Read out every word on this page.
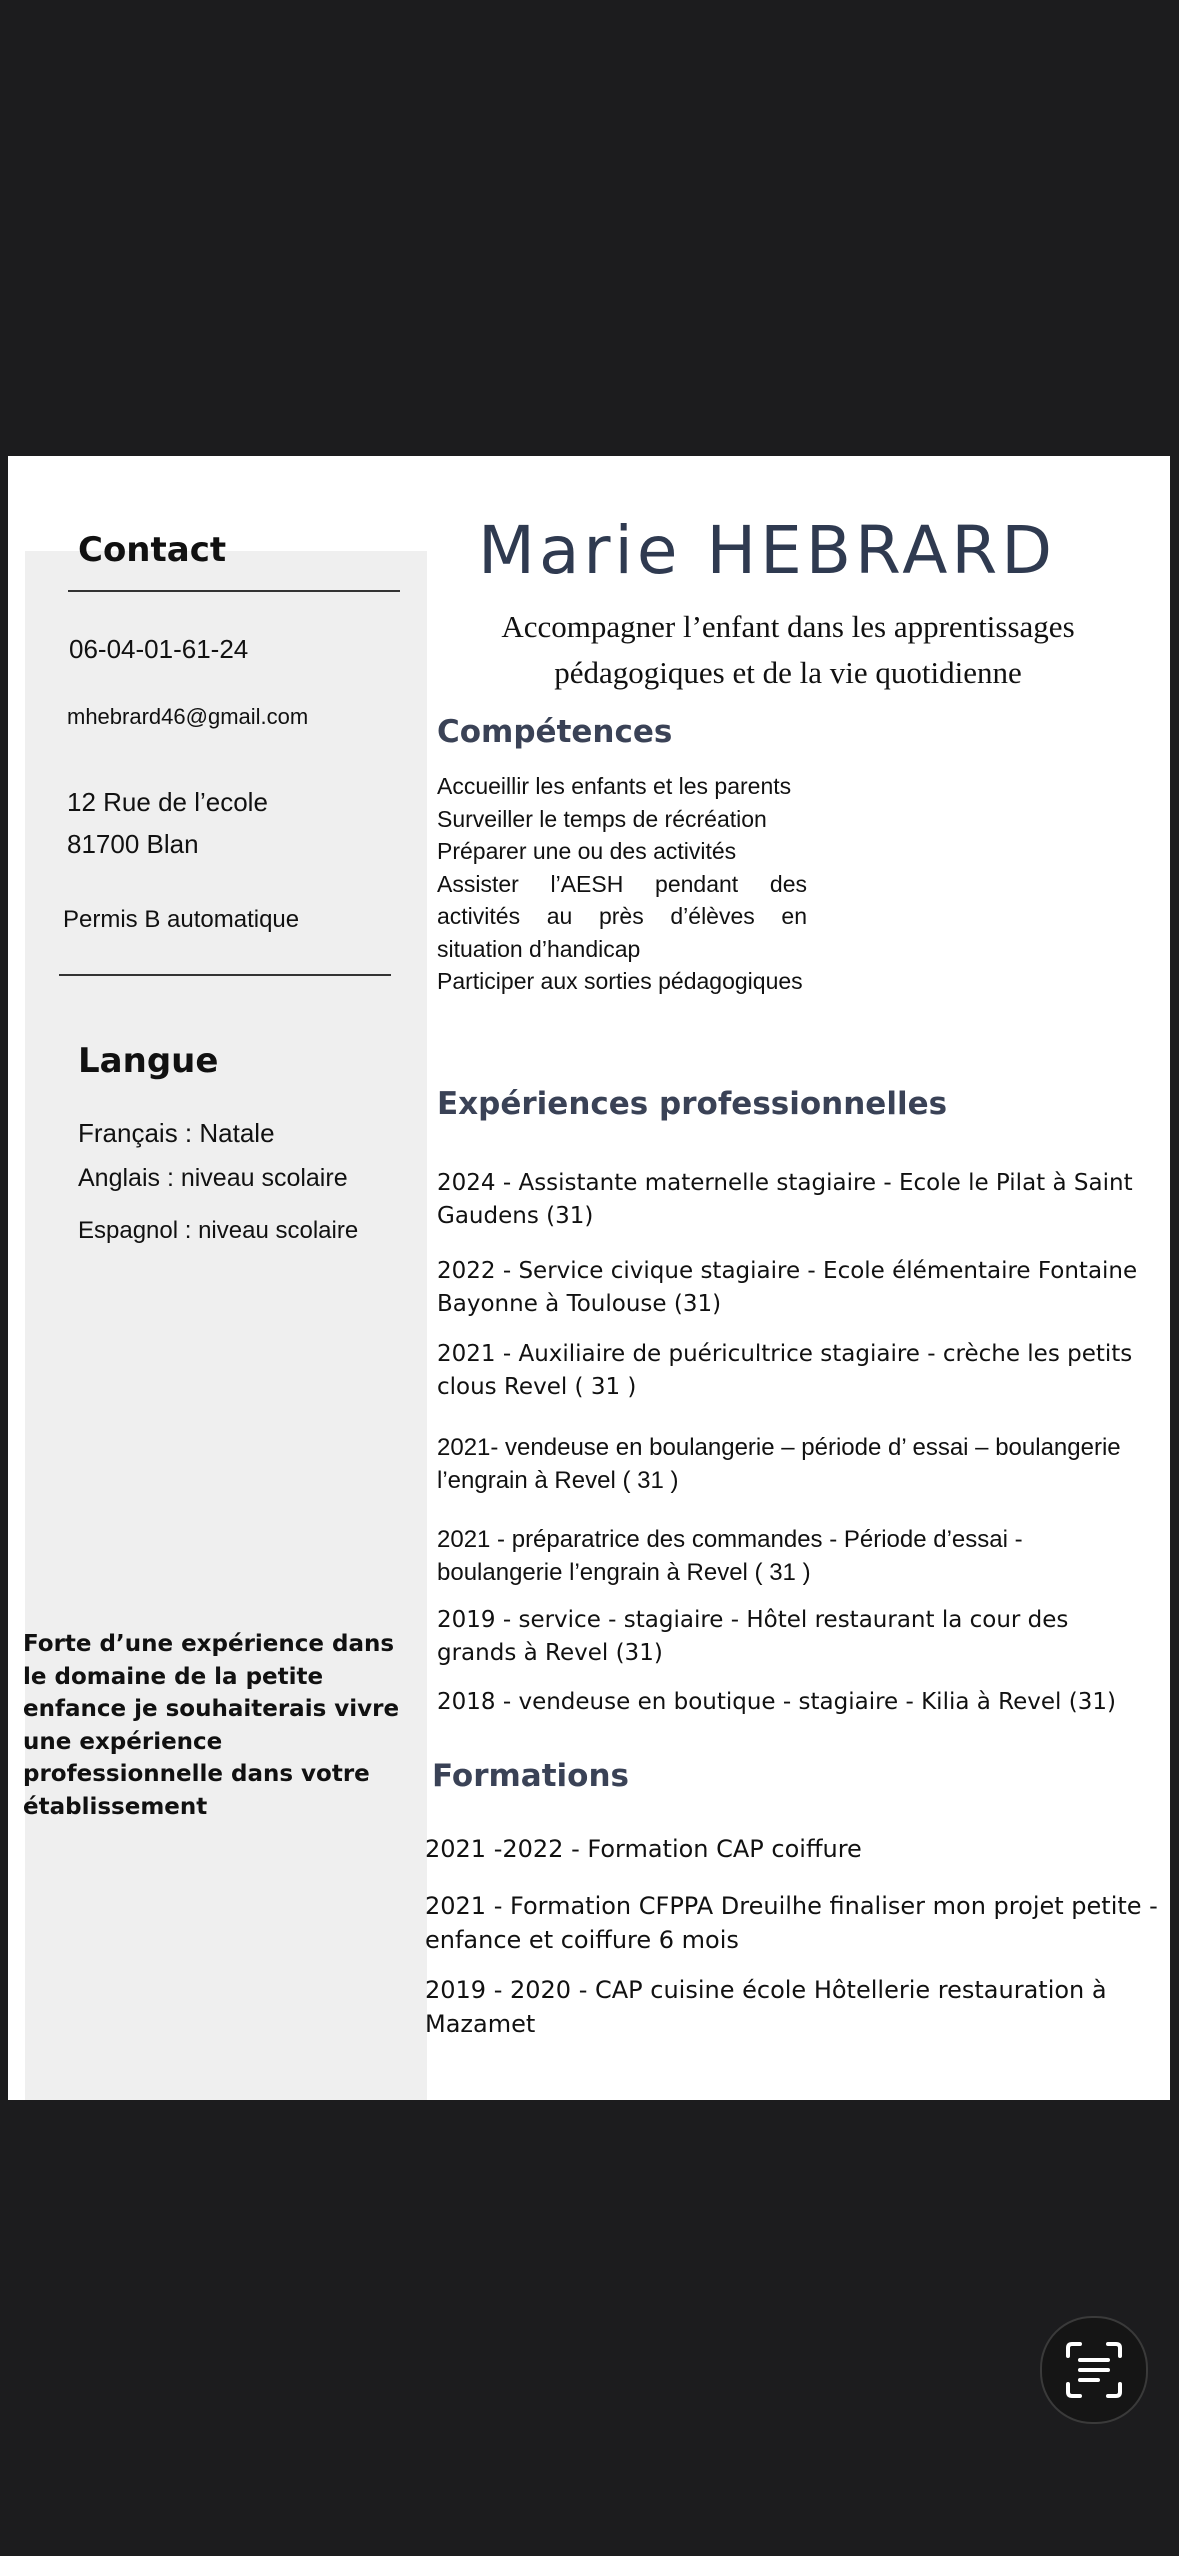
Contact
06-04-01-61-24
mhebrard46@gmail.com
12 Rue de l’ecole
81700 Blan
Permis B automatique
Langue
Français : Natale
Anglais : niveau scolaire
Espagnol : niveau scolaire
Forte d’une expérience dans le domaine de la petite enfance je souhaiterais vivre une expérience professionnelle dans votre établissement
Marie HEBRARD
Accompagner l’enfant dans les apprentissages pédagogiques et de la vie quotidienne
Compétences
Accueillir les enfants et les parents
Surveiller le temps de récréation
Préparer une ou des activités
Assister l’AESH pendant des activités au près d’élèves en situation d’handicap
Participer aux sorties pédagogiques
Expériences professionnelles
2024 - Assistante maternelle stagiaire - Ecole le Pilat à Saint Gaudens (31)
2022 - Service civique stagiaire - Ecole élémentaire Fontaine Bayonne à Toulouse (31)
2021 - Auxiliaire de puéricultrice stagiaire - crèche les petits clous Revel ( 31 )
2021- vendeuse en boulangerie – période d’ essai – boulangerie l’engrain à Revel ( 31 )
2021 - préparatrice des commandes - Période d’essai - boulangerie l’engrain à Revel ( 31 )
2019 - service - stagiaire - Hôtel restaurant la cour des grands à Revel (31)
2018 - vendeuse en boutique - stagiaire - Kilia à Revel (31)
Formations
2021 -2022 - Formation CAP coiffure
2021 - Formation CFPPA Dreuilhe finaliser mon projet petite - enfance et coiffure 6 mois
2019 - 2020 - CAP cuisine école Hôtellerie restauration à Mazamet
